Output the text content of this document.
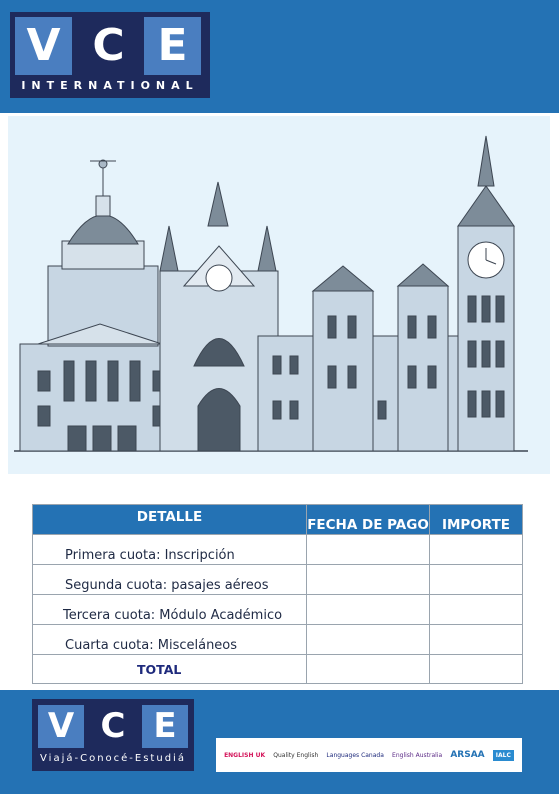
V C E
INTERNATIONAL
DETALLE	FECHA DE PAGO	IMPORTE
Primera cuota: Inscripción		
Segunda cuota: pasajes aéreos		
Tercera cuota: Módulo Académico		
Cuarta cuota: Misceláneos		
TOTAL		
V C E
Viajá-Conocé-Estudiá	ENGLISH UK Quality English Languages Canada English Australia ARSAA	IALC
